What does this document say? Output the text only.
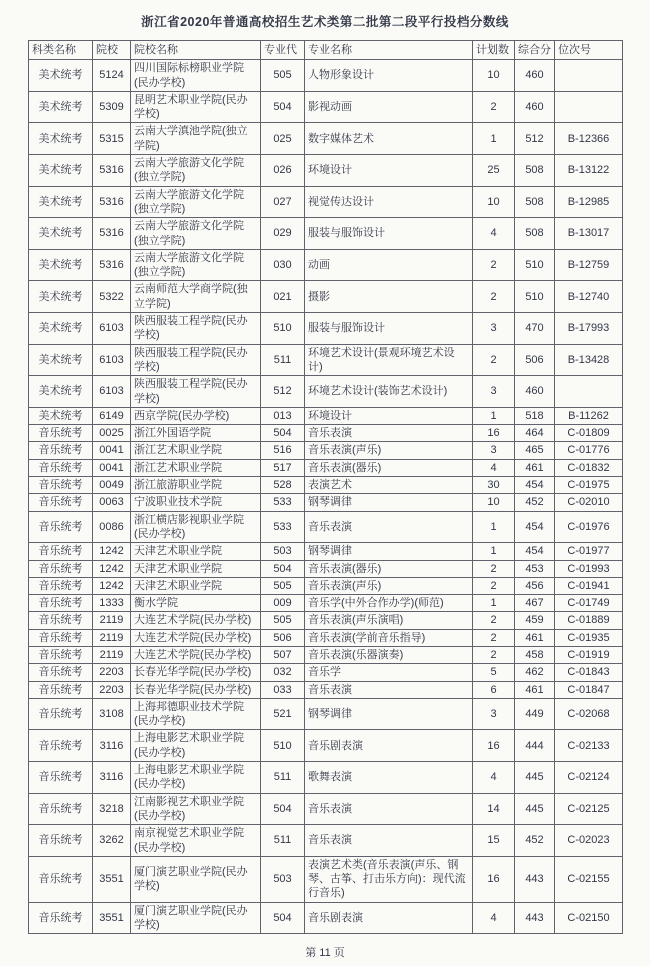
浙江省2020年普通高校招生艺术类第二批第二段平行投档分数线
科类名称	院校	院校名称	专业代	专业名称	计划数	综合分	位次号
美术统考	5124	四川国际标榜职业学院(民办学校)	505	人物形象设计	10	460	
美术统考	5309	昆明艺术职业学院(民办学校)	504	影视动画	2	460	
美术统考	5315	云南大学滇池学院(独立学院)	025	数字媒体艺术	1	512	B-12366
美术统考	5316	云南大学旅游文化学院(独立学院)	026	环境设计	25	508	B-13122
美术统考	5316	云南大学旅游文化学院(独立学院)	027	视觉传达设计	10	508	B-12985
美术统考	5316	云南大学旅游文化学院(独立学院)	029	服装与服饰设计	4	508	B-13017
美术统考	5316	云南大学旅游文化学院(独立学院)	030	动画	2	510	B-12759
美术统考	5322	云南师范大学商学院(独立学院)	021	摄影	2	510	B-12740
美术统考	6103	陕西服装工程学院(民办学校)	510	服装与服饰设计	3	470	B-17993
美术统考	6103	陕西服装工程学院(民办学校)	511	环境艺术设计(景观环境艺术设计)	2	506	B-13428
美术统考	6103	陕西服装工程学院(民办学校)	512	环境艺术设计(装饰艺术设计)	3	460	
美术统考	6149	西京学院(民办学校)	013	环境设计	1	518	B-11262
音乐统考	0025	浙江外国语学院	504	音乐表演	16	464	C-01809
音乐统考	0041	浙江艺术职业学院	516	音乐表演(声乐)	3	465	C-01776
音乐统考	0041	浙江艺术职业学院	517	音乐表演(器乐)	4	461	C-01832
音乐统考	0049	浙江旅游职业学院	528	表演艺术	30	454	C-01975
音乐统考	0063	宁波职业技术学院	533	钢琴调律	10	452	C-02010
音乐统考	0086	浙江横店影视职业学院(民办学校)	533	音乐表演	1	454	C-01976
音乐统考	1242	天津艺术职业学院	503	钢琴调律	1	454	C-01977
音乐统考	1242	天津艺术职业学院	504	音乐表演(器乐)	2	453	C-01993
音乐统考	1242	天津艺术职业学院	505	音乐表演(声乐)	2	456	C-01941
音乐统考	1333	衡水学院	009	音乐学(中外合作办学)(师范)	1	467	C-01749
音乐统考	2119	大连艺术学院(民办学校)	505	音乐表演(声乐演唱)	2	459	C-01889
音乐统考	2119	大连艺术学院(民办学校)	506	音乐表演(学前音乐指导)	2	461	C-01935
音乐统考	2119	大连艺术学院(民办学校)	507	音乐表演(乐器演奏)	2	458	C-01919
音乐统考	2203	长春光华学院(民办学校)	032	音乐学	5	462	C-01843
音乐统考	2203	长春光华学院(民办学校)	033	音乐表演	6	461	C-01847
音乐统考	3108	上海邦德职业技术学院(民办学校)	521	钢琴调律	3	449	C-02068
音乐统考	3116	上海电影艺术职业学院(民办学校)	510	音乐剧表演	16	444	C-02133
音乐统考	3116	上海电影艺术职业学院(民办学校)	511	歌舞表演	4	445	C-02124
音乐统考	3218	江南影视艺术职业学院(民办学校)	504	音乐表演	14	445	C-02125
音乐统考	3262	南京视觉艺术职业学院(民办学校)	511	音乐表演	15	452	C-02023
音乐统考	3551	厦门演艺职业学院(民办学校)	503	表演艺术类(音乐表演(声乐、钢琴、古筝、打击乐方向)：现代流行音乐)	16	443	C-02155
音乐统考	3551	厦门演艺职业学院(民办学校)	504	音乐剧表演	4	443	C-02150
第 11 页
